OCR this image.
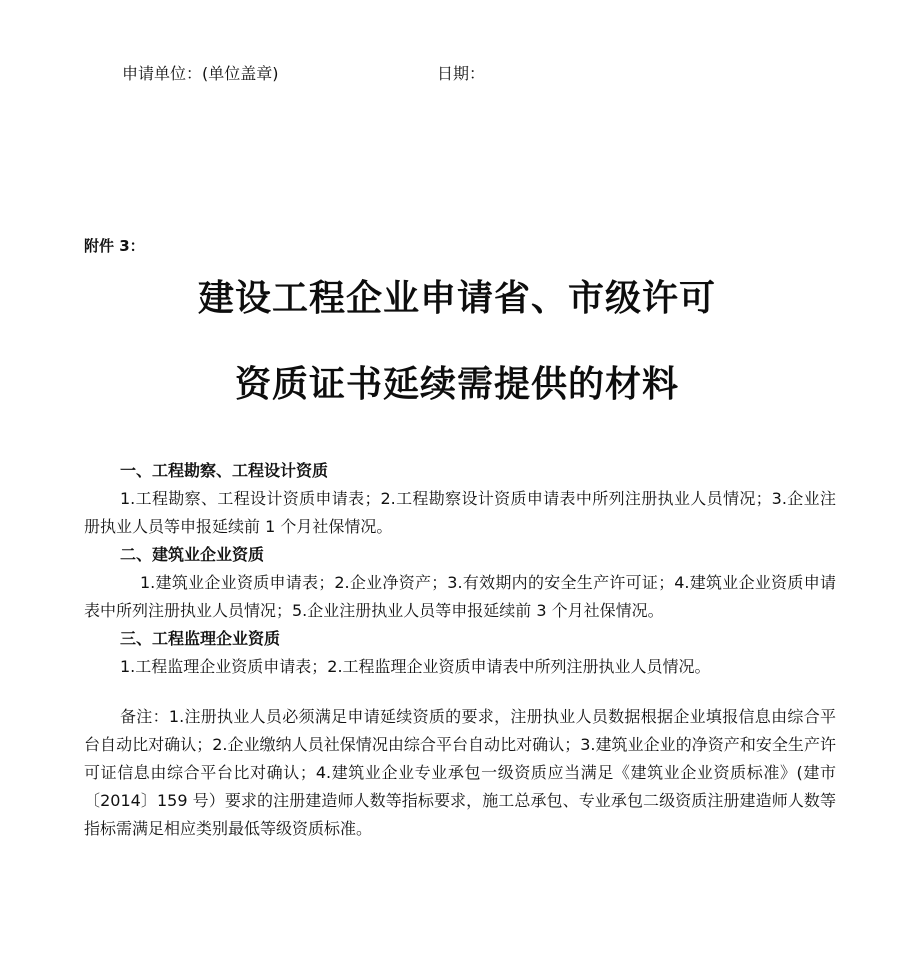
申请单位：(单位盖章)	日期：
附件 3：
建设工程企业申请省、市级许可
资质证书延续需提供的材料

一、工程勘察、工程设计资质

1.工程勘察、工程设计资质申请表；2.工程勘察设计资质申请表中所列注册执业人员情况；3.企业注册执业人员等申报延续前 1 个月社保情况。

二、建筑业企业资质

1.建筑业企业资质申请表；2.企业净资产；3.有效期内的安全生产许可证；4.建筑业企业资质申请表中所列注册执业人员情况；5.企业注册执业人员等申报延续前 3 个月社保情况。

三、工程监理企业资质

1.工程监理企业资质申请表；2.工程监理企业资质申请表中所列注册执业人员情况。

备注：1.注册执业人员必须满足申请延续资质的要求，注册执业人员数据根据企业填报信息由综合平台自动比对确认；2.企业缴纳人员社保情况由综合平台自动比对确认；3.建筑业企业的净资产和安全生产许可证信息由综合平台比对确认；4.建筑业企业专业承包一级资质应当满足《建筑业企业资质标准》(建市〔2014〕159 号）要求的注册建造师人数等指标要求，施工总承包、专业承包二级资质注册建造师人数等指标需满足相应类别最低等级资质标准。
